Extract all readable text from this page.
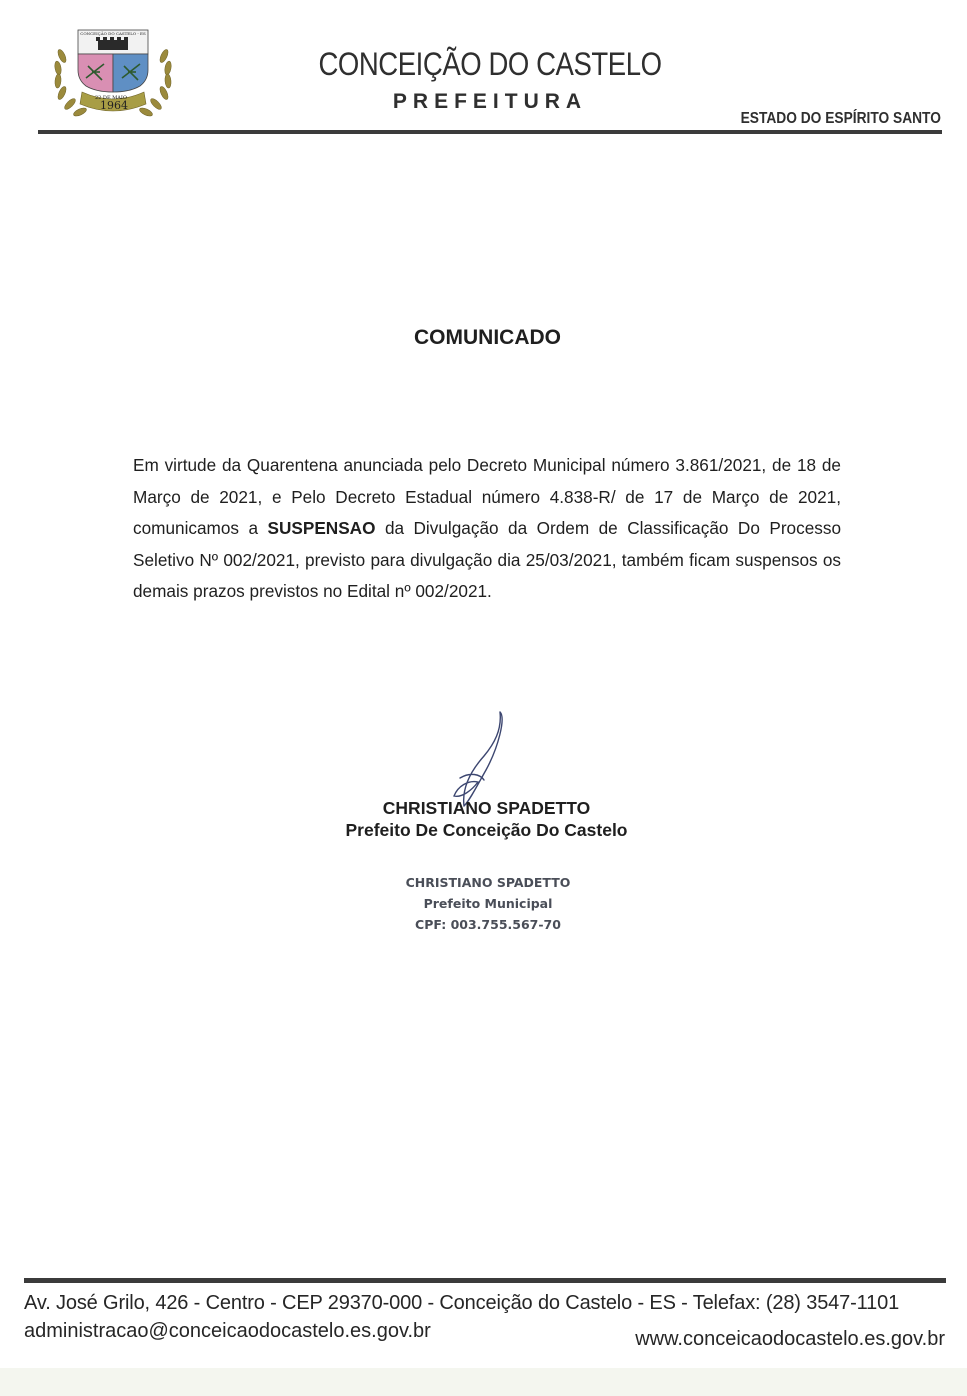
CONCEIÇÃO DO CASTELO - ES
22 DE MAIO
1964
CONCEIÇÃO DO CASTELO
PREFEITURA
ESTADO DO ESPÍRITO SANTO
COMUNICADO

Em virtude da Quarentena anunciada pelo Decreto Municipal número 3.861/2021, de 18 de Março de 2021, e Pelo Decreto Estadual número 4.838-R/ de 17 de Março de 2021, comunicamos a SUSPENSAO da Divulgação da Ordem de Classificação Do Processo Seletivo Nº 002/2021, previsto para divulgação dia 25/03/2021, também ficam suspensos os demais prazos previstos no Edital nº 002/2021.

CHRISTIANO SPADETTO
Prefeito De Conceição Do Castelo
CHRISTIANO SPADETTO
Prefeito Municipal
CPF: 003.755.567-70
Av. José Grilo, 426 - Centro - CEP 29370-000 - Conceição do Castelo - ES - Telefax: (28) 3547-1101
administracao@conceicaodocastelo.es.gov.br	www.conceicaodocastelo.es.gov.br
